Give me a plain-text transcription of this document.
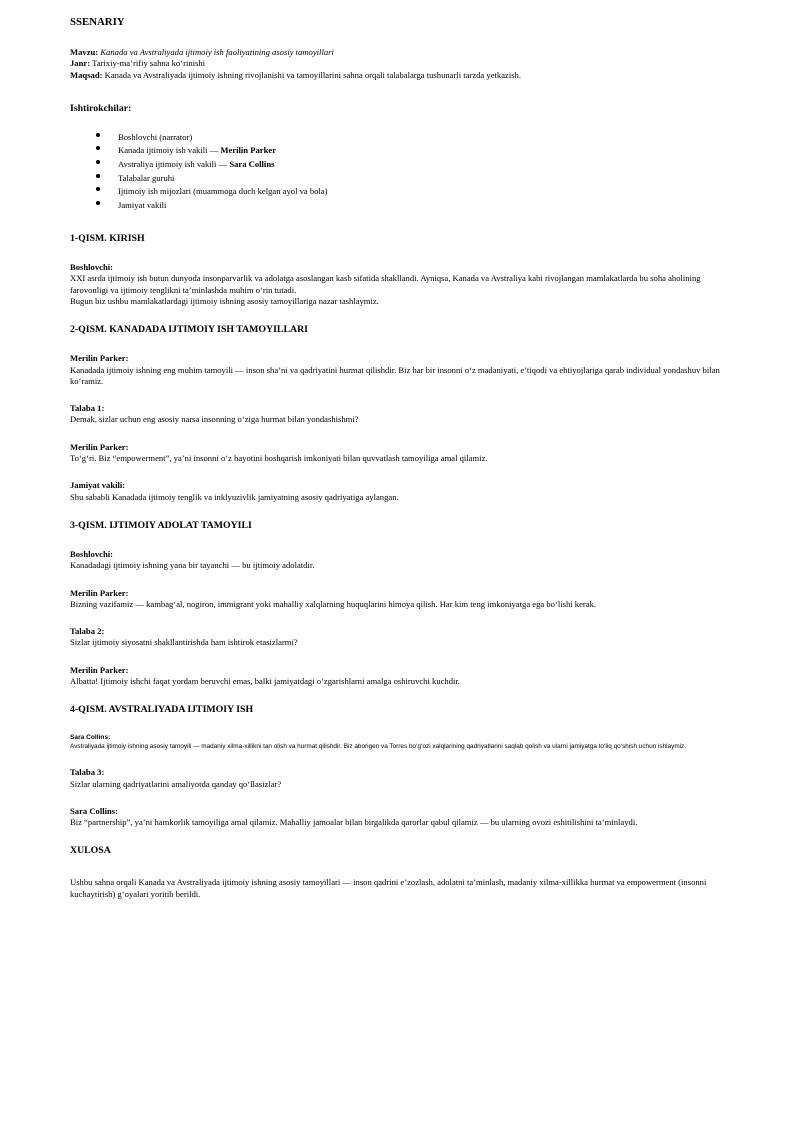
SSENARIY
Mavzu: Kanada va Avstraliyada ijtimoiy ish faoliyatining asosiy tamoyillari
Janr: Tarixiy-ma’rifiy sahna ko‘rinishi
Maqsad: Kanada va Avstraliyada ijtimoiy ishning rivojlanishi va tamoyillarini sahna orqali talabalarga tushunarli tarzda yetkazish.
Ishtirokchilar:
Boshlovchi (narrator)
Kanada ijtimoiy ish vakili — Merilin Parker
Avstraliya ijtimoiy ish vakili — Sara Collins
Talabalar guruhi
Ijtimoiy ish mijozlari (muammoga duch kelgan ayol va bola)
Jamiyat vakili
1-QISM. KIRISH
Boshlovchi:
XXI asrda ijtimoiy ish butun dunyoda insonparvarlik va adolatga asoslangan kasb sifatida shakllandi. Ayniqsa, Kanada va Avstraliya kabi rivojlangan mamlakatlarda bu soha aholining farovonligi va ijtimoiy tenglikni ta’minlashda muhim o‘rin tutadi.
Bugun biz ushbu mamlakatlardagi ijtimoiy ishning asosiy tamoyillariga nazar tashlaymiz.
2-QISM. KANADADA IJTIMOIY ISH TAMOYILLARI
Merilin Parker:
Kanadada ijtimoiy ishning eng muhim tamoyili — inson sha’ni va qadriyatini hurmat qilishdir. Biz har bir insonni o‘z madaniyati, e’tiqodi va ehtiyojlariga qarab individual yondashuv bilan ko‘ramiz.
Talaba 1:
Demak, sizlar uchun eng asosiy narsa insonning o‘ziga hurmat bilan yondashishmi?
Merilin Parker:
To‘g‘ri. Biz “empowerment”, ya’ni insonni o‘z hayotini boshqarish imkoniyati bilan quvvatlash tamoyiliga amal qilamiz.
Jamiyat vakili:
Shu sababli Kanadada ijtimoiy tenglik va inklyuzivlik jamiyatning asosiy qadriyatiga aylangan.
3-QISM. IJTIMOIY ADOLAT TAMOYILI
Boshlovchi:
Kanadadagi ijtimoiy ishning yana bir tayanchi — bu ijtimoiy adolatdir.
Merilin Parker:
Bizning vazifamiz — kambag‘al, nogiron, immigrant yoki mahalliy xalqlarning huquqlarini himoya qilish. Har kim teng imkoniyatga ega bo‘lishi kerak.
Talaba 2:
Sizlar ijtimoiy siyosatni shakllantirishda ham ishtirok etasizlarmi?
Merilin Parker:
Albatta! Ijtimoiy ishchi faqat yordam beruvchi emas, balki jamiyatdagi o‘zgarishlarni amalga oshiruvchi kuchdir.
4-QISM. AVSTRALIYADA IJTIMOIY ISH
Sara Collins:
Avstraliyada ijtimoiy ishning asosiy tamoyili — madaniy xilma-xillikni tan olish va hurmat qilishdir. Biz aborigen va Torres bo‘g‘ozi xalqlarining qadriyatlarini saqlab qolish va ularni jamiyatga to‘liq qo‘shish uchun ishlaymiz.
Talaba 3:
Sizlar ularning qadriyatlarini amaliyotda qanday qo‘llasizlar?
Sara Collins:
Biz “partnership”, ya’ni hamkorlik tamoyiliga amal qilamiz. Mahalliy jamoalar bilan birgalikda qarorlar qabul qilamiz — bu ularning ovozi eshitilishini ta’minlaydi.
XULOSA
Ushbu sahna orqali Kanada va Avstraliyada ijtimoiy ishning asosiy tamoyillari — inson qadrini e’zozlash, adolatni ta’minlash, madaniy xilma-xillikka hurmat va empowerment (insonni kuchaytirish) g‘oyalari yoritib berildi.
